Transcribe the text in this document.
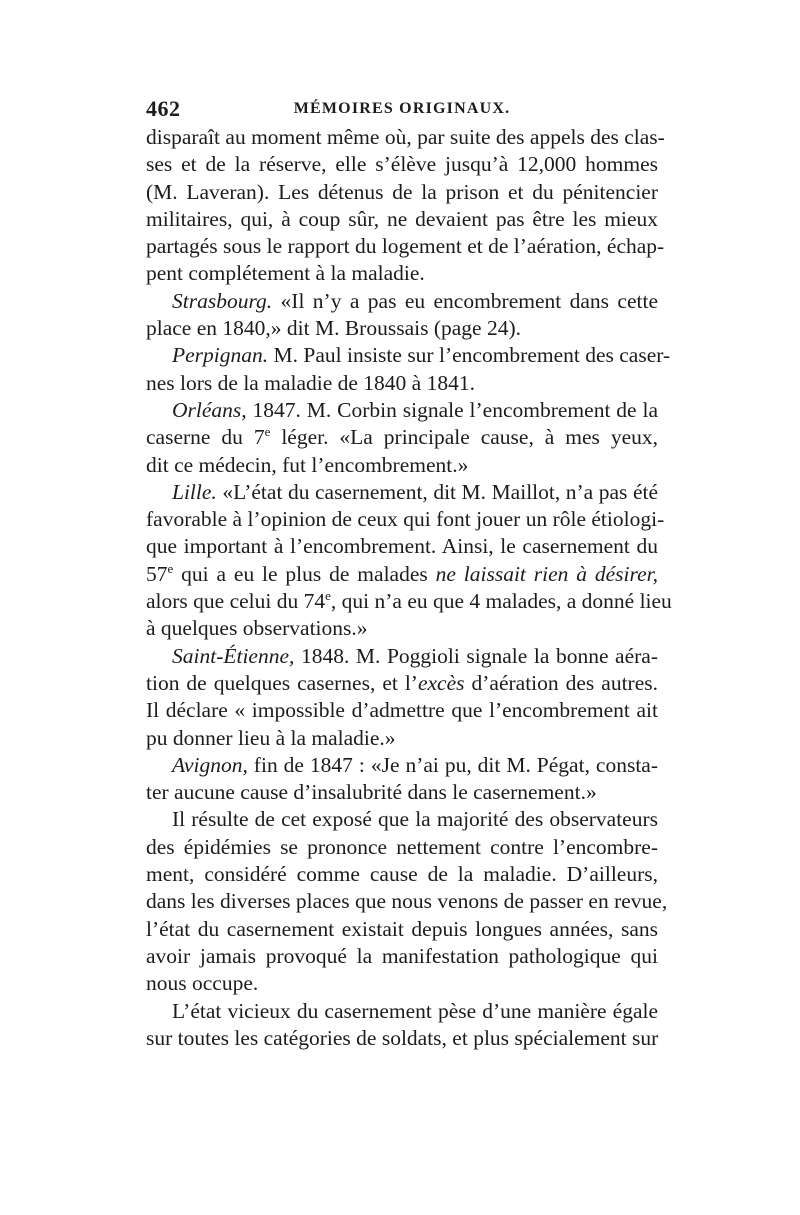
462	MÉMOIRES ORIGINAUX.
disparaît au moment même où, par suite des appels des clas-
ses et de la réserve, elle s’élève jusqu’à 12,000 hommes
(M. Laveran). Les détenus de la prison et du pénitencier
militaires, qui, à coup sûr, ne devaient pas être les mieux
partagés sous le rapport du logement et de l’aération, échap-
pent complétement à la maladie.
Strasbourg. «Il n’y a pas eu encombrement dans cette
place en 1840,» dit M. Broussais (page 24).
Perpignan. M. Paul insiste sur l’encombrement des caser-
nes lors de la maladie de 1840 à 1841.
Orléans, 1847. M. Corbin signale l’encombrement de la
caserne du 7e léger. «La principale cause, à mes yeux,
dit ce médecin, fut l’encombrement.»
Lille. «L’état du casernement, dit M. Maillot, n’a pas été
favorable à l’opinion de ceux qui font jouer un rôle étiologi-
que important à l’encombrement. Ainsi, le casernement du
57e qui a eu le plus de malades ne laissait rien à désirer,
alors que celui du 74e, qui n’a eu que 4 malades, a donné lieu
à quelques observations.»
Saint-Étienne, 1848. M. Poggioli signale la bonne aéra-
tion de quelques casernes, et l’excès d’aération des autres.
Il déclare « impossible d’admettre que l’encombrement ait
pu donner lieu à la maladie.»
Avignon, fin de 1847 : «Je n’ai pu, dit M. Pégat, consta-
ter aucune cause d’insalubrité dans le casernement.»
Il résulte de cet exposé que la majorité des observateurs
des épidémies se prononce nettement contre l’encombre-
ment, considéré comme cause de la maladie. D’ailleurs,
dans les diverses places que nous venons de passer en revue,
l’état du casernement existait depuis longues années, sans
avoir jamais provoqué la manifestation pathologique qui
nous occupe.
L’état vicieux du casernement pèse d’une manière égale
sur toutes les catégories de soldats, et plus spécialement sur
